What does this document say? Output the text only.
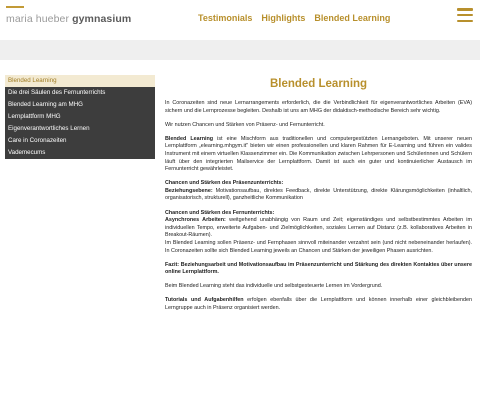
maria hueber gymnasium	Testimonials Highlights Blended Learning
Blended Learning
Die drei Säulen des Fernunterrichts
Blended Learning am MHG
Lernplattform MHG
Eigenverantwortliches Lernen
Care in Coronazeiten
Vademecums
Blended Learning

In Coronazeiten sind neue Lernarrangements erforderlich, die die Verbindlichkeit für eigenverantwortliches Arbeiten (EVA) sichern und die Lernprozesse begleiten. Deshalb ist uns am MHG der didaktisch-methodische Bereich sehr wichtig.

Wir nutzen Chancen und Stärken von Präsenz- und Fernunterricht.

Blended Learning ist eine Mischform aus traditionellen und computergestützten Lernangeboten. Mit unserer neuen Lernplattform „elearning.mhgym.it" bieten wir einen professionellen und klaren Rahmen für E-Learning und führen ein valides Instrument mit einem virtuellen Klassenzimmer ein. Die Kommunikation zwischen Lehrpersonen und Schülerinnen und Schülern läuft über den integrierten Mailservice der Lernplattform. Damit ist auch ein guter und kontinuierlicher Austausch im Fernunterricht gewährleistet.

Chancen und Stärken des Präsenzunterrichts:
Beziehungsebene: Motivationsaufbau, direktes Feedback, direkte Unterstützung, direkte Klärungsmöglichkeiten (inhaltlich, organisatorisch, strukturell), ganzheitliche Kommunikation

Chancen und Stärken des Fernunterrichts:
Asynchrones Arbeiten: weitgehend unabhängig von Raum und Zeit; eigenständiges und selbstbestimmtes Arbeiten im individuellen Tempo, erweiterte Aufgaben- und Zielmöglichkeiten, soziales Lernen auf Distanz (z.B. kollaboratives Arbeiten in Breakout-Räumen).
Im Blended Learning sollen Präsenz- und Fernphasen sinnvoll miteinander verzahnt sein (und nicht nebeneinander herlaufen). In Coronazeiten sollte sich Blended Learning jeweils an Chancen und Stärken der jeweiligen Phasen ausrichten.

Fazit: Beziehungsarbeit und Motivationsaufbau im Präsenzunterricht und Stärkung des direkten Kontaktes über unsere online Lernplattform.

Beim Blended Learning steht das individuelle und selbstgesteuerte Lernen im Vordergrund.

Tutorials und Aufgabenhilfen erfolgen ebenfalls über die Lernplattform und können innerhalb einer gleichbleibenden Lerngruppe auch in Präsenz organisiert werden.
